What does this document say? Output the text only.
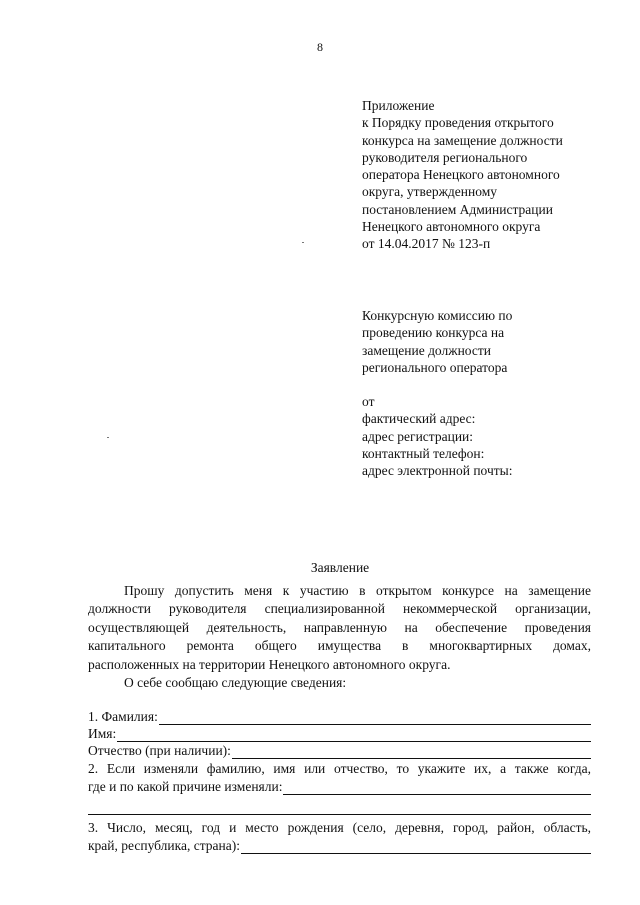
8
Приложение
к Порядку проведения открытого
конкурса на замещение должности
руководителя регионального
оператора Ненецкого автономного
округа, утвержденному
постановлением Администрации
Ненецкого автономного округа
от 14.04.2017 № 123-п
Конкурсную комиссию по
проведению конкурса на
замещение должности
регионального оператора
от
фактический адрес:
адрес регистрации:
контактный телефон:
адрес электронной почты:
Заявление
Прошу допустить меня к участию в открытом конкурсе на замещение
должности руководителя специализированной некоммерческой организации,
осуществляющей деятельность, направленную на обеспечение проведения
капитального ремонта общего имущества в многоквартирных домах,
расположенных на территории Ненецкого автономного округа.
О себе сообщаю следующие сведения:
1. Фамилия:
Имя:
Отчество (при наличии):
2. Если изменяли фамилию, имя или отчество, то укажите их, а также когда,
где и по какой причине изменяли:
3. Число, месяц, год и место рождения (село, деревня, город, район, область,
край, республика, страна):
